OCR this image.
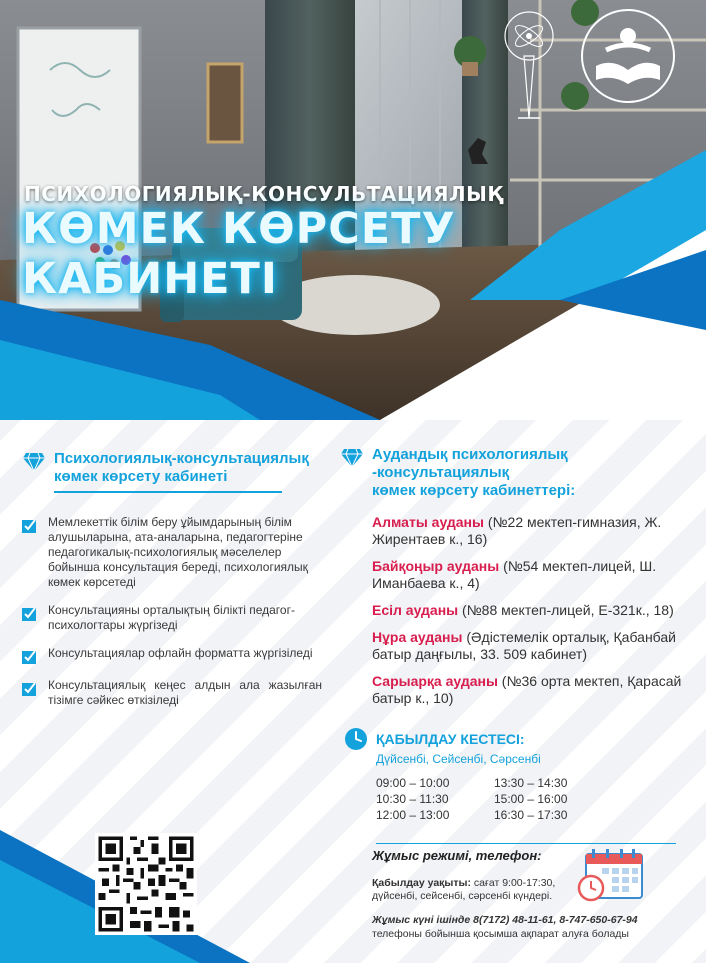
ПСИХОЛОГИЯЛЫҚ-КОНСУЛЬТАЦИЯЛЫҚ
КӨМЕК КӨРСЕТУ КАБИНЕТІ
Психологиялық-консультациялық
көмек көрсету кабинеті
Мемлекеттік білім беру ұйымдарының білім алушыларына, ата-аналарына, педагогтеріне педагогикалық-психологиялық мәселелер бойынша консультация береді, психологиялық көмек көрсетеді
Консультацияны орталықтың білікті педагог-психологтары жүргізеді
Консультациялар офлайн форматта жүргізіледі
Консультациялық кеңес алдын ала жазылған тізімге сәйкес өткізіледі
Аудандық психологиялық -консультациялық
көмек көрсету кабинеттері:
Алматы ауданы (№22 мектеп-гимназия, Ж. Жирентаев к., 16)
Байқоңыр ауданы (№54 мектеп-лицей, Ш. Иманбаева к., 4)
Есіл ауданы (№88 мектеп-лицей, Е-321к., 18)
Нұра ауданы (Әдістемелік орталық, Қабанбай батыр даңғылы, 33. 509 кабинет)
Сарыарқа ауданы (№36 орта мектеп, Қарасай батыр к., 10)
ҚАБЫЛДАУ КЕСТЕСІ:
Дүйсенбі, Сейсенбі, Сәрсенбі
09:00 – 10:00	13:30 – 14:30
10:30 – 11:30	15:00 – 16:00
12:00 – 13:00	16:30 – 17:30
Жұмыс режимі, телефон:
Қабылдау уақыты: сағат 9:00-17:30, дүйсенбі, сейсенбі, сәрсенбі күндері.
Жұмыс күні ішінде 8(7172) 48-11-61, 8-747-650-67-94
телефоны бойынша қосымша ақпарат алуға болады
